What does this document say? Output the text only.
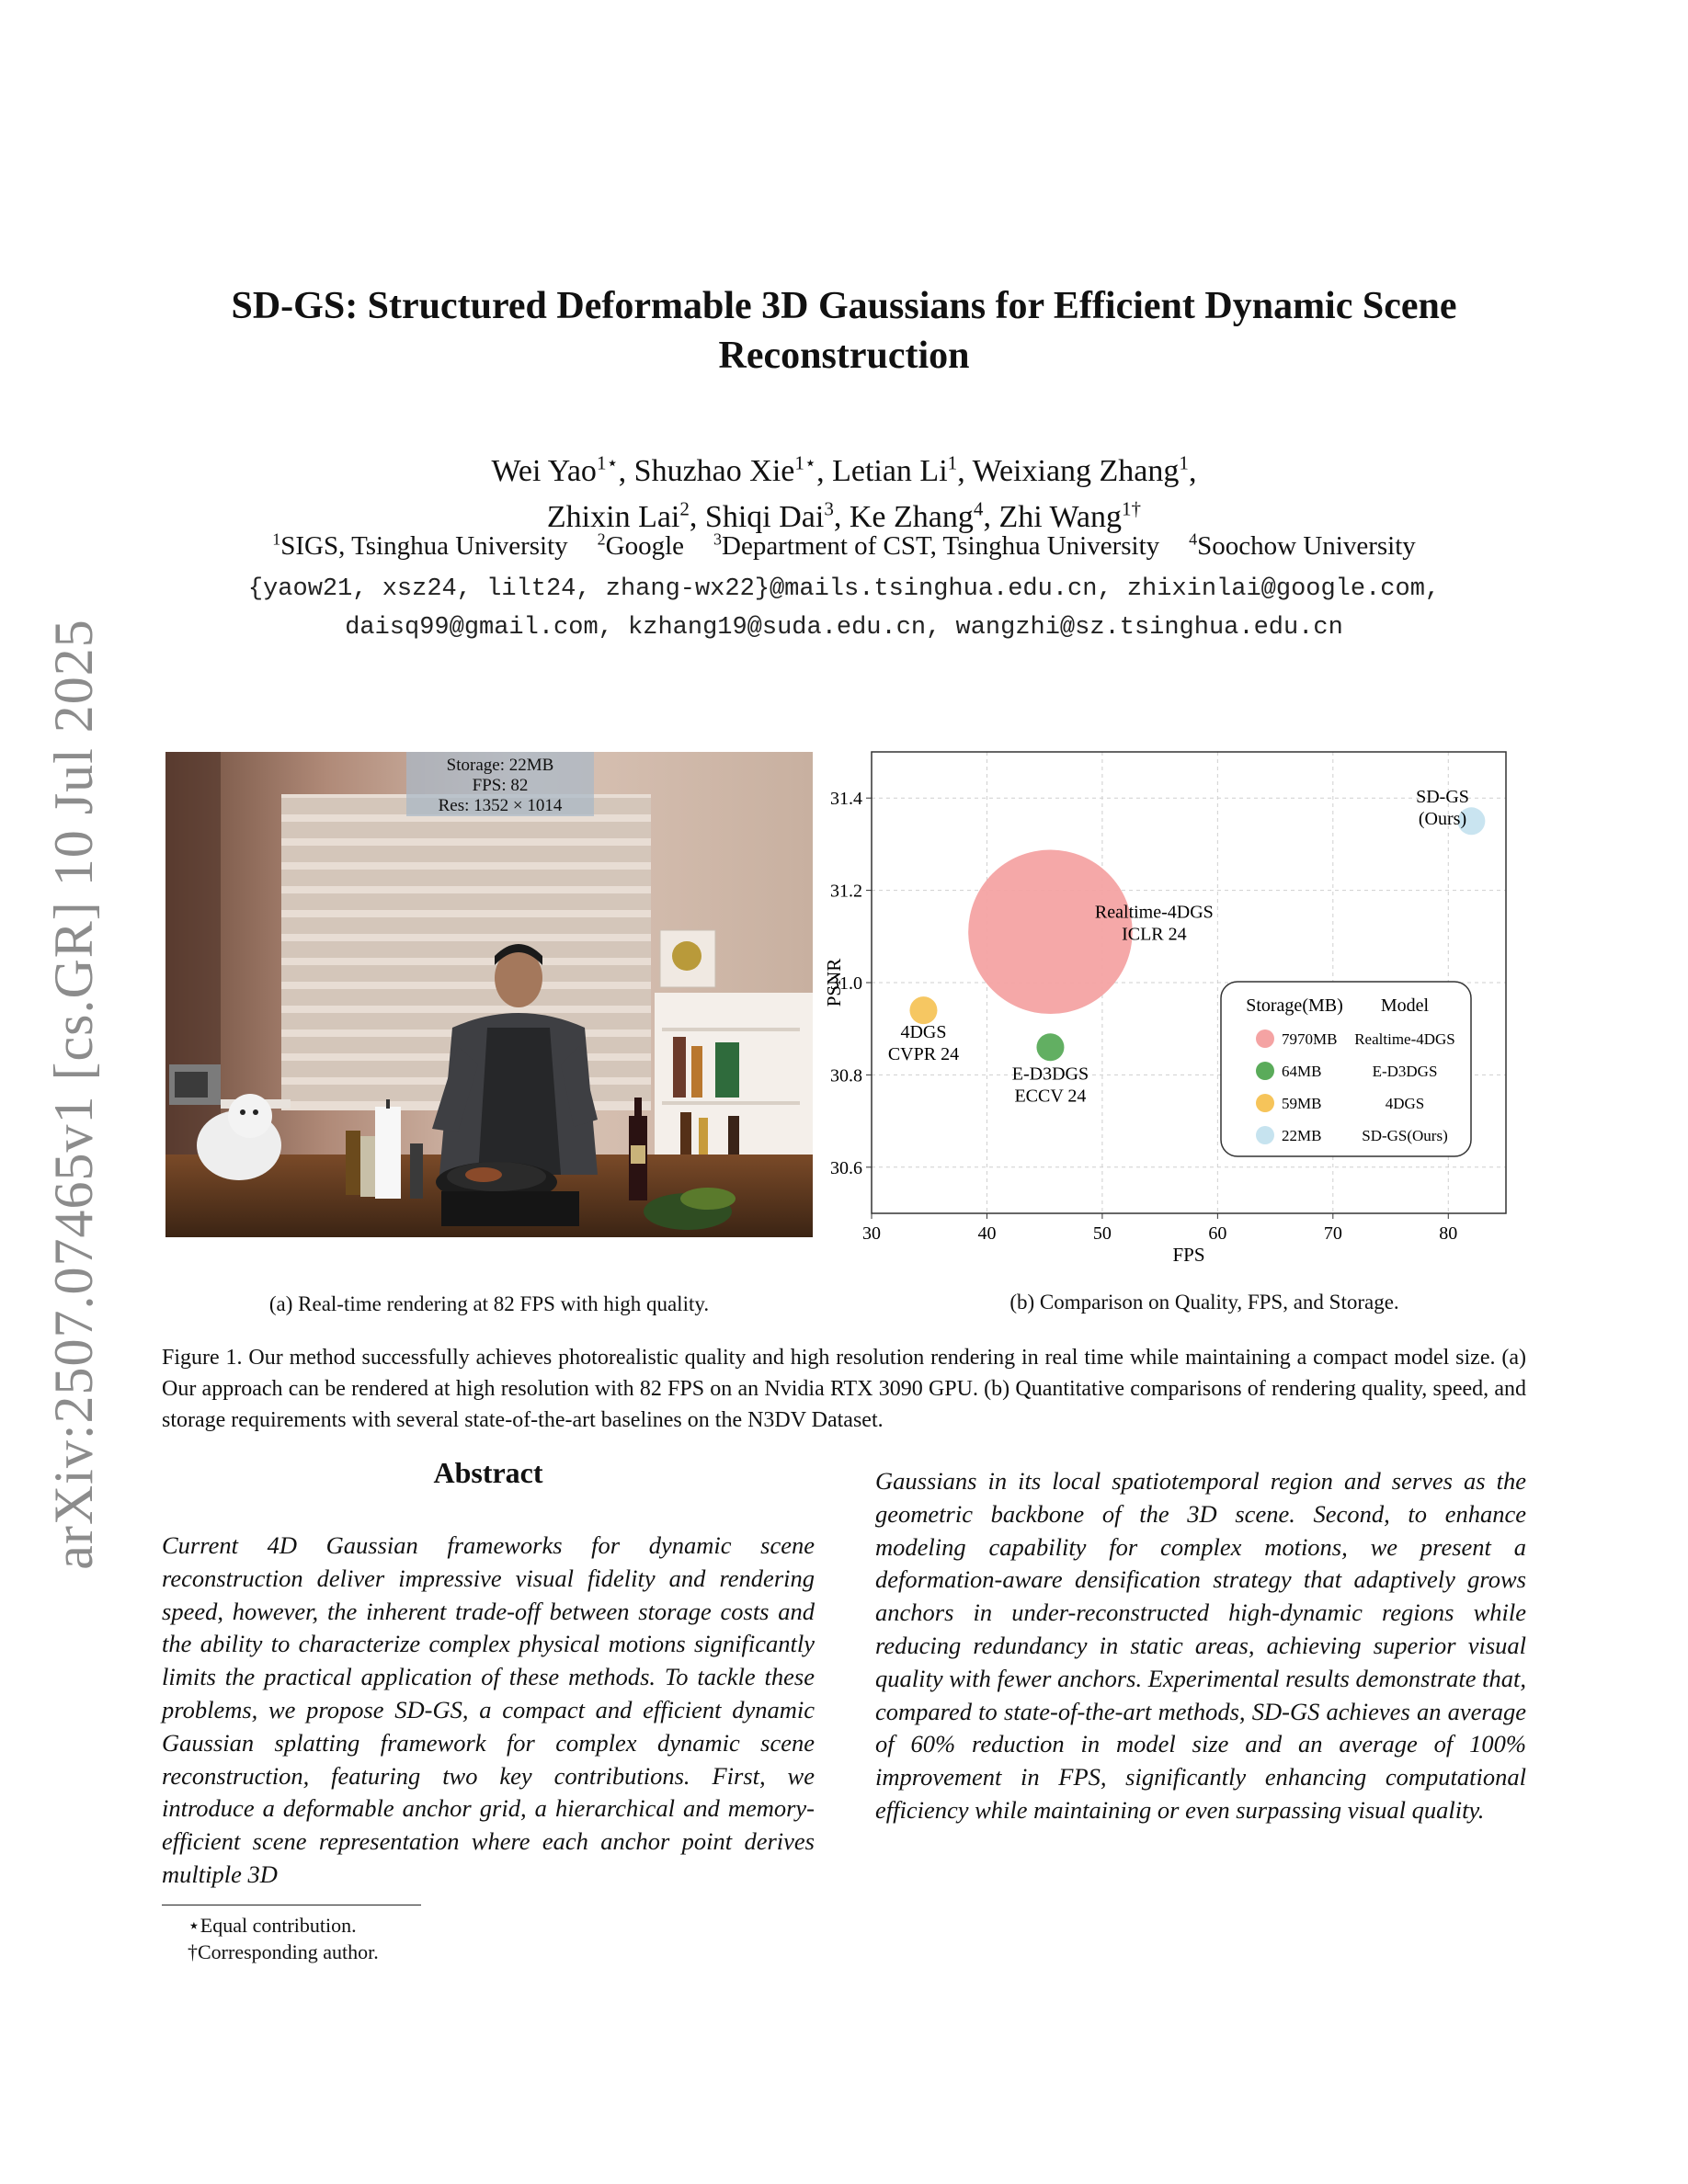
arXiv:2507.07465v1 [cs.GR] 10 Jul 2025
SD-GS: Structured Deformable 3D Gaussians for Efficient Dynamic Scene Reconstruction
Wei Yao$^{1⋆}$, Shuzhao Xie$^{1⋆}$, Letian Li$^1$, Weixiang Zhang$^1$,
Zhixin Lai$^2$, Shiqi Dai$^3$, Ke Zhang$^4$, Zhi Wang$^{1\dagger}$
$^1$SIGS, Tsinghua University $^2$Google $^3$Department of CST, Tsinghua University $^4$Soochow University
{yaow21, xsz24, lilt24, zhang-wx22}@mails.tsinghua.edu.cn, zhixinlai@google.com,
daisq99@gmail.com, kzhang19@suda.edu.cn, wangzhi@sz.tsinghua.edu.cn
Storage: 22MB
FPS: 82
Res: 1352 × 1014
(a) Real-time rendering at 82 FPS with high quality.
30	40	50	60	70	80
30.6
30.8
31.0
31.2
31.4
FPS
PSNR
Realtime-4DGS
ICLR 24
E-D3DGS
ECCV 24
4DGS
CVPR 24
SD-GS
(Ours)
Storage(MB) Model
7970MB Realtime-4DGS
64MB	E-D3DGS
59MB	4DGS
22MB	SD-GS(Ours)
(b) Comparison on Quality, FPS, and Storage.
Figure 1. Our method successfully achieves photorealistic quality and high resolution rendering in real time while maintaining a compact model size. (a) Our approach can be rendered at high resolution with 82 FPS on an Nvidia RTX 3090 GPU. (b) Quantitative comparisons of rendering quality, speed, and storage requirements with several state-of-the-art baselines on the N3DV Dataset.
Abstract
Current 4D Gaussian frameworks for dynamic scene reconstruction deliver impressive visual fidelity and rendering speed, however, the inherent trade-off between storage costs and the ability to characterize complex physical motions significantly limits the practical application of these methods. To tackle these problems, we propose SD-GS, a compact and efficient dynamic Gaussian splatting framework for complex dynamic scene reconstruction, featuring two key contributions. First, we introduce a deformable anchor grid, a hierarchical and memory-efficient scene representation where each anchor point derives multiple 3D
Gaussians in its local spatiotemporal region and serves as the geometric backbone of the 3D scene. Second, to enhance modeling capability for complex motions, we present a deformation-aware densification strategy that adaptively grows anchors in under-reconstructed high-dynamic regions while reducing redundancy in static areas, achieving superior visual quality with fewer anchors. Experimental results demonstrate that, compared to state-of-the-art methods, SD-GS achieves an average of 60% reduction in model size and an average of 100% improvement in FPS, significantly enhancing computational efficiency while maintaining or even surpassing visual quality.
⋆Equal contribution.
†Corresponding author.
